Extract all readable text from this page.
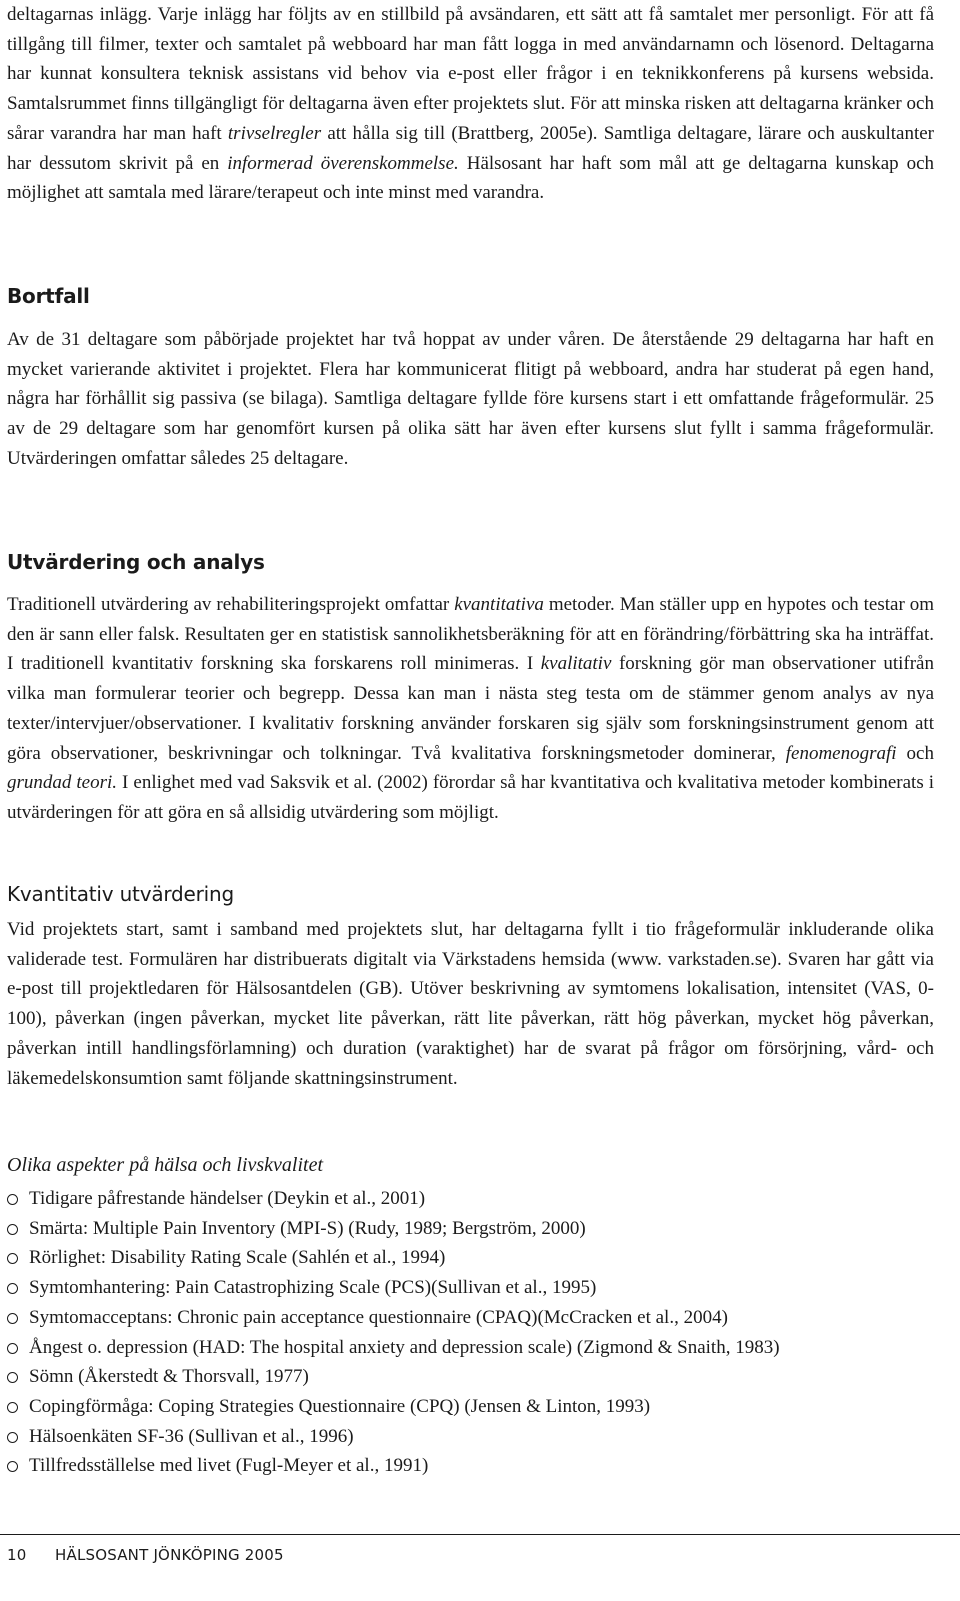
deltagarnas inlägg. Varje inlägg har följts av en stillbild på avsändaren, ett sätt att få samtalet mer personligt. För att få tillgång till filmer, texter och samtalet på webboard har man fått logga in med användarnamn och lösenord. Deltagarna har kunnat konsultera teknisk assistans vid behov via e-post eller frågor i en teknikkonferens på kursens websida. Samtalsrummet finns tillgängligt för deltagarna även efter projektets slut. För att minska risken att deltagarna kränker och sårar varandra har man haft trivselregler att hålla sig till (Brattberg, 2005e). Samtliga deltagare, lärare och auskultanter har dessutom skrivit på en informerad överenskommelse. Hälsosant har haft som mål att ge deltagarna kunskap och möjlighet att samtala med lärare/terapeut och inte minst med varandra.

Bortfall

Av de 31 deltagare som påbörjade projektet har två hoppat av under våren. De återstående 29 deltagarna har haft en mycket varierande aktivitet i projektet. Flera har kommunicerat flitigt på webboard, andra har studerat på egen hand, några har förhållit sig passiva (se bilaga). Samtliga deltagare fyllde före kursens start i ett omfattande frågeformulär. 25 av de 29 deltagare som har genomfört kursen på olika sätt har även efter kursens slut fyllt i samma frågeformulär. Utvärderingen omfattar således 25 deltagare.

Utvärdering och analys

Traditionell utvärdering av rehabiliteringsprojekt omfattar kvantitativa metoder. Man ställer upp en hypotes och testar om den är sann eller falsk. Resultaten ger en statistisk sannolikhetsberäkning för att en förändring/förbättring ska ha inträffat. I traditionell kvantitativ forskning ska forskarens roll minimeras. I kvalitativ forskning gör man observationer utifrån vilka man formulerar teorier och begrepp. Dessa kan man i nästa steg testa om de stämmer genom analys av nya texter/intervjuer/observationer. I kvalitativ forskning använder forskaren sig själv som forskningsinstrument genom att göra observationer, beskrivningar och tolkningar. Två kvalitativa forskningsmetoder dominerar, fenomenografi och grundad teori. I enlighet med vad Saksvik et al. (2002) förordar så har kvantitativa och kvalitativa metoder kombinerats i utvärderingen för att göra en så allsidig utvärdering som möjligt.

Kvantitativ utvärdering

Vid projektets start, samt i samband med projektets slut, har deltagarna fyllt i tio frågeformulär inkluderande olika validerade test. Formulären har distribuerats digitalt via Värkstadens hemsida (www. varkstaden.se). Svaren har gått via e-post till projektledaren för Hälsosantdelen (GB). Utöver beskrivning av symtomens lokalisation, intensitet (VAS, 0-100), påverkan (ingen påverkan, mycket lite påverkan, rätt lite påverkan, rätt hög påverkan, mycket hög påverkan, påverkan intill handlingsförlamning) och duration (varaktighet) har de svarat på frågor om försörjning, vård- och läkemedelskonsumtion samt följande skattningsinstrument.

Olika aspekter på hälsa och livskvalitet
Tidigare påfrestande händelser (Deykin et al., 2001)
Smärta: Multiple Pain Inventory (MPI-S) (Rudy, 1989; Bergström, 2000)
Rörlighet: Disability Rating Scale (Sahlén et al., 1994)
Symtomhantering: Pain Catastrophizing Scale (PCS)(Sullivan et al., 1995)
Symtomacceptans: Chronic pain acceptance questionnaire (CPAQ)(McCracken et al., 2004)
Ångest o. depression (HAD: The hospital anxiety and depression scale) (Zigmond & Snaith, 1983)
Sömn (Åkerstedt & Thorsvall, 1977)
Copingförmåga: Coping Strategies Questionnaire (CPQ) (Jensen & Linton, 1993)
Hälsoenkäten SF-36 (Sullivan et al., 1996)
Tillfredsställelse med livet (Fugl-Meyer et al., 1991)
10 HÄLSOSANT JÖNKÖPING 2005
